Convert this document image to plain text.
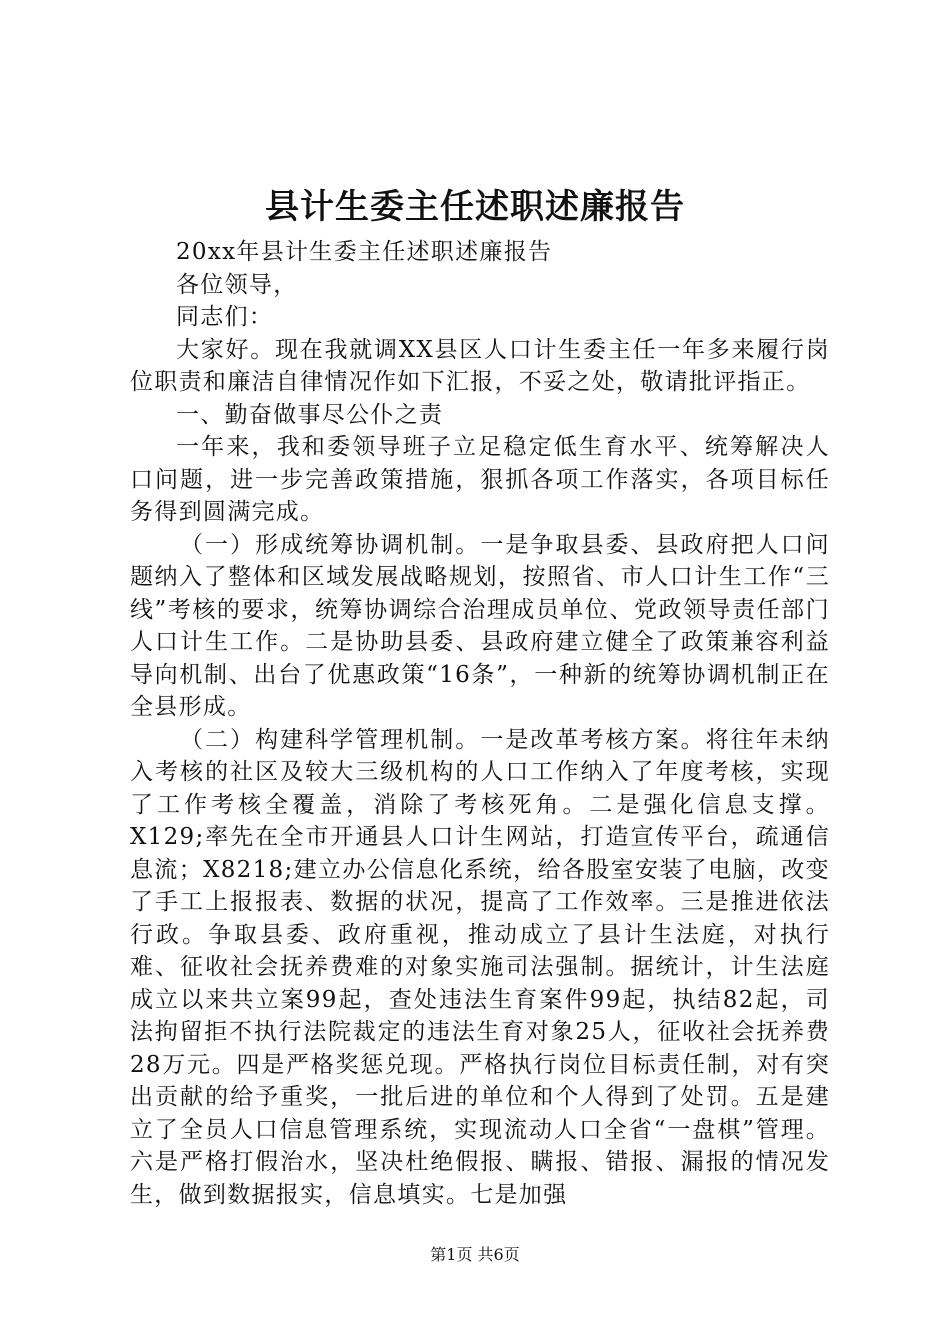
县计生委主任述职述廉报告

20xx年县计生委主任述职述廉报告

各位领导，

同志们：

大家好。现在我就调XX县区人口计生委主任一年多来履行岗位职责和廉洁自律情况作如下汇报，不妥之处，敬请批评指正。

一、勤奋做事尽公仆之责

一年来，我和委领导班子立足稳定低生育水平、统筹解决人口问题，进一步完善政策措施，狠抓各项工作落实，各项目标任务得到圆满完成。

（一）形成统筹协调机制。一是争取县委、县政府把人口问题纳入了整体和区域发展战略规划，按照省、市人口计生工作“三线”考核的要求，统筹协调综合治理成员单位、党政领导责任部门人口计生工作。二是协助县委、县政府建立健全了政策兼容利益导向机制、出台了优惠政策“16条”，一种新的统筹协调机制正在全县形成。

（二）构建科学管理机制。一是改革考核方案。将往年未纳入考核的社区及较大三级机构的人口工作纳入了年度考核，实现了工作考核全覆盖，消除了考核死角。二是强化信息支撑。X129;率先在全市开通县人口计生网站，打造宣传平台，疏通信息流；X8218;建立办公信息化系统，给各股室安装了电脑，改变了手工上报报表、数据的状况，提高了工作效率。三是推进依法行政。争取县委、政府重视，推动成立了县计生法庭，对执行难、征收社会抚养费难的对象实施司法强制。据统计，计生法庭成立以来共立案99起，查处违法生育案件99起，执结82起，司法拘留拒不执行法院裁定的违法生育对象25人，征收社会抚养费28万元。四是严格奖惩兑现。严格执行岗位目标责任制，对有突出贡献的给予重奖，一批后进的单位和个人得到了处罚。五是建立了全员人口信息管理系统，实现流动人口全省“一盘棋”管理。六是严格打假治水，坚决杜绝假报、瞒报、错报、漏报的情况发生，做到数据报实，信息填实。七是加强

第1页 共6页
